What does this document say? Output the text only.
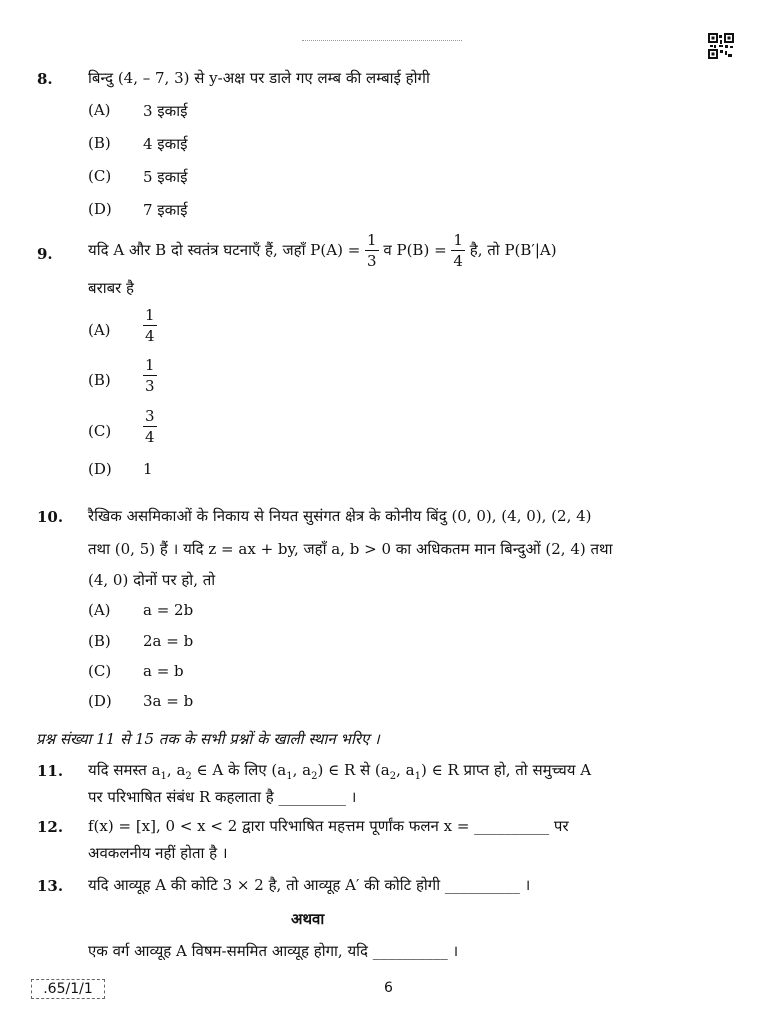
8. बिन्दु (4, – 7, 3) से y-अक्ष पर डाले गए लम्ब की लम्बाई होगी
(A) 3 इकाई
(B) 4 इकाई
(C) 5 इकाई
(D) 7 इकाई
9. यदि A और B दो स्वतंत्र घटनाएँ हैं, जहाँ $P(A) = \frac{1}{3}$ व $P(B) = \frac{1}{4}$ है, तो P(B′|A)
बराबर है
$(A) \frac{1}{4}$
$(B) \frac{1}{3}$
$(C) \frac{3}{4}$
(D) 1
10. रैखिक असमिकाओं के निकाय से नियत सुसंगत क्षेत्र के कोनीय बिंदु (0, 0), (4, 0), (2, 4)
तथा (0, 5) हैं । यदि z = ax + by, जहाँ a, b > 0 का अधिकतम मान बिन्दुओं (2, 4) तथा
(4, 0) दोनों पर हो, तो
(A) a = 2b
(B) 2a = b
(C) a = b
(D) 3a = b
प्रश्न संख्या 11 से 15 तक के सभी प्रश्नों के खाली स्थान भरिए ।
11. यदि समस्त $a_1$, $a_2$ ∈ A के लिए ($a_1$, $a_2$) ∈ R से ($a_2$, $a_1$) ∈ R प्राप्त हो, तो समुच्चय A
पर परिभाषित संबंध R कहलाता है _________ ।
12. f(x) = [x], 0 < x < 2 द्वारा परिभाषित महत्तम पूर्णांक फलन x = __________ पर
अवकलनीय नहीं होता है ।
13. यदि आव्यूह A की कोटि 3 × 2 है, तो आव्यूह A′ की कोटि होगी __________ ।
अथवा
एक वर्ग आव्यूह A विषम-सममित आव्यूह होगा, यदि __________ ।
.65/1/1	6
